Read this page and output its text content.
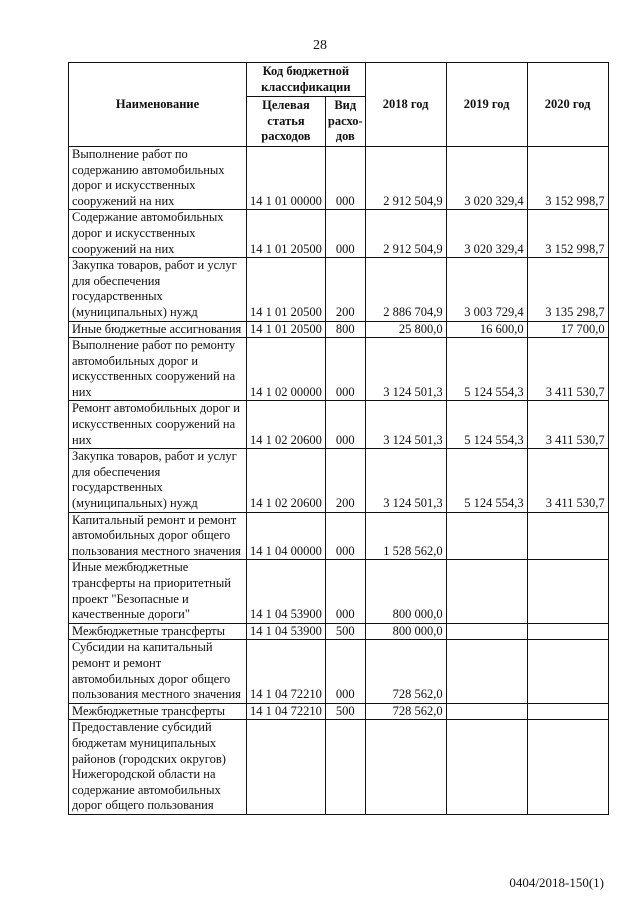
28
Наименование	Код бюджетной классификации		2018 год	2019 год	2020 год
	Целевая статья расходов	Вид расхо-дов			
Выполнение работ по содержанию автомобильных дорог и искусственных сооружений на них	14 1 01 00000	000	2 912 504,9	3 020 329,4	3 152 998,7
Содержание автомобильных дорог и искусственных сооружений на них	14 1 01 20500	000	2 912 504,9	3 020 329,4	3 152 998,7
Закупка товаров, работ и услуг для обеспечения государственных (муниципальных) нужд	14 1 01 20500	200	2 886 704,9	3 003 729,4	3 135 298,7
Иные бюджетные ассигнования	14 1 01 20500	800	25 800,0	16 600,0	17 700,0
Выполнение работ по ремонту автомобильных дорог и искусственных сооружений на них	14 1 02 00000	000	3 124 501,3	5 124 554,3	3 411 530,7
Ремонт автомобильных дорог и искусственных сооружений на них	14 1 02 20600	000	3 124 501,3	5 124 554,3	3 411 530,7
Закупка товаров, работ и услуг для обеспечения государственных (муниципальных) нужд	14 1 02 20600	200	3 124 501,3	5 124 554,3	3 411 530,7
Капитальный ремонт и ремонт автомобильных дорог общего пользования местного значения	14 1 04 00000	000	1 528 562,0		
Иные межбюджетные трансферты на приоритетный проект "Безопасные и качественные дороги"	14 1 04 53900	000	800 000,0		
Межбюджетные трансферты	14 1 04 53900	500	800 000,0		
Субсидии на капитальный ремонт и ремонт автомобильных дорог общего пользования местного значения	14 1 04 72210	000	728 562,0		
Межбюджетные трансферты	14 1 04 72210	500	728 562,0		
Предоставление субсидий бюджетам муниципальных районов (городских округов) Нижегородской области на содержание автомобильных дорог общего пользования					
0404/2018-150(1)
